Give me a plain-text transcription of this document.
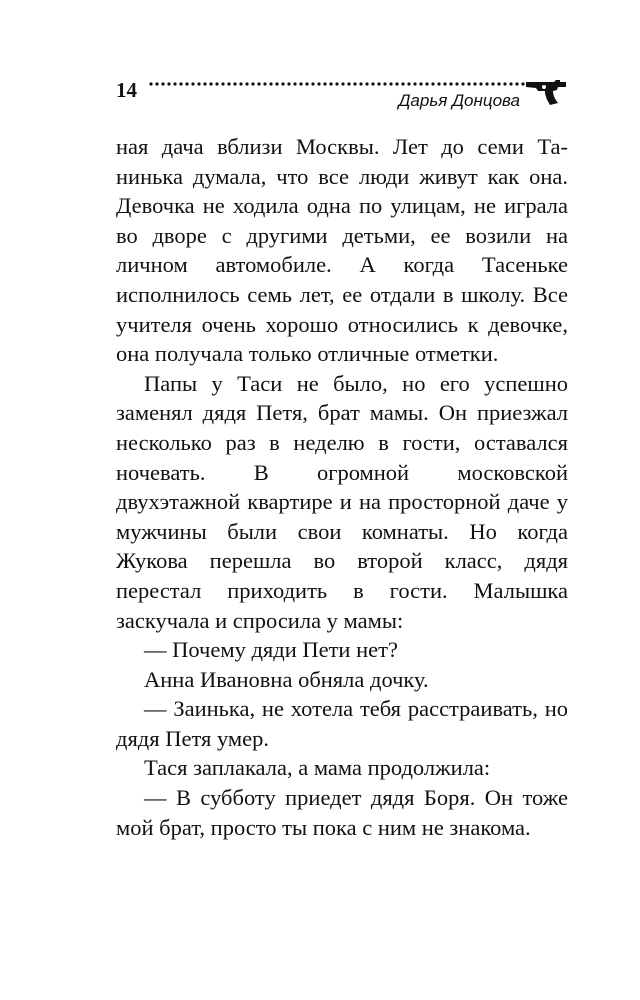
14	Дарья Донцова

ная дача вблизи Москвы. Лет до семи Танинька думала, что все люди живут как она. Девочка не ходила одна по улицам, не играла во дворе с другими детьми, ее возили на личном автомобиле. А когда Тасеньке исполнилось семь лет, ее отдали в школу. Все учителя очень хорошо относились к девочке, она получала только отличные отметки.

Папы у Таси не было, но его успешно заменял дядя Петя, брат мамы. Он приезжал несколько раз в неделю в гости, оставался ночевать. В огромной московской двухэтажной квартире и на просторной даче у мужчины были свои комнаты. Но когда Жукова перешла во второй класс, дядя перестал приходить в гости. Малышка заскучала и спросила у мамы:

— Почему дяди Пети нет?

Анна Ивановна обняла дочку.

— Заинька, не хотела тебя расстраивать, но дядя Петя умер.

Тася заплакала, а мама продолжила:

— В субботу приедет дядя Боря. Он тоже мой брат, просто ты пока с ним не знакома.
